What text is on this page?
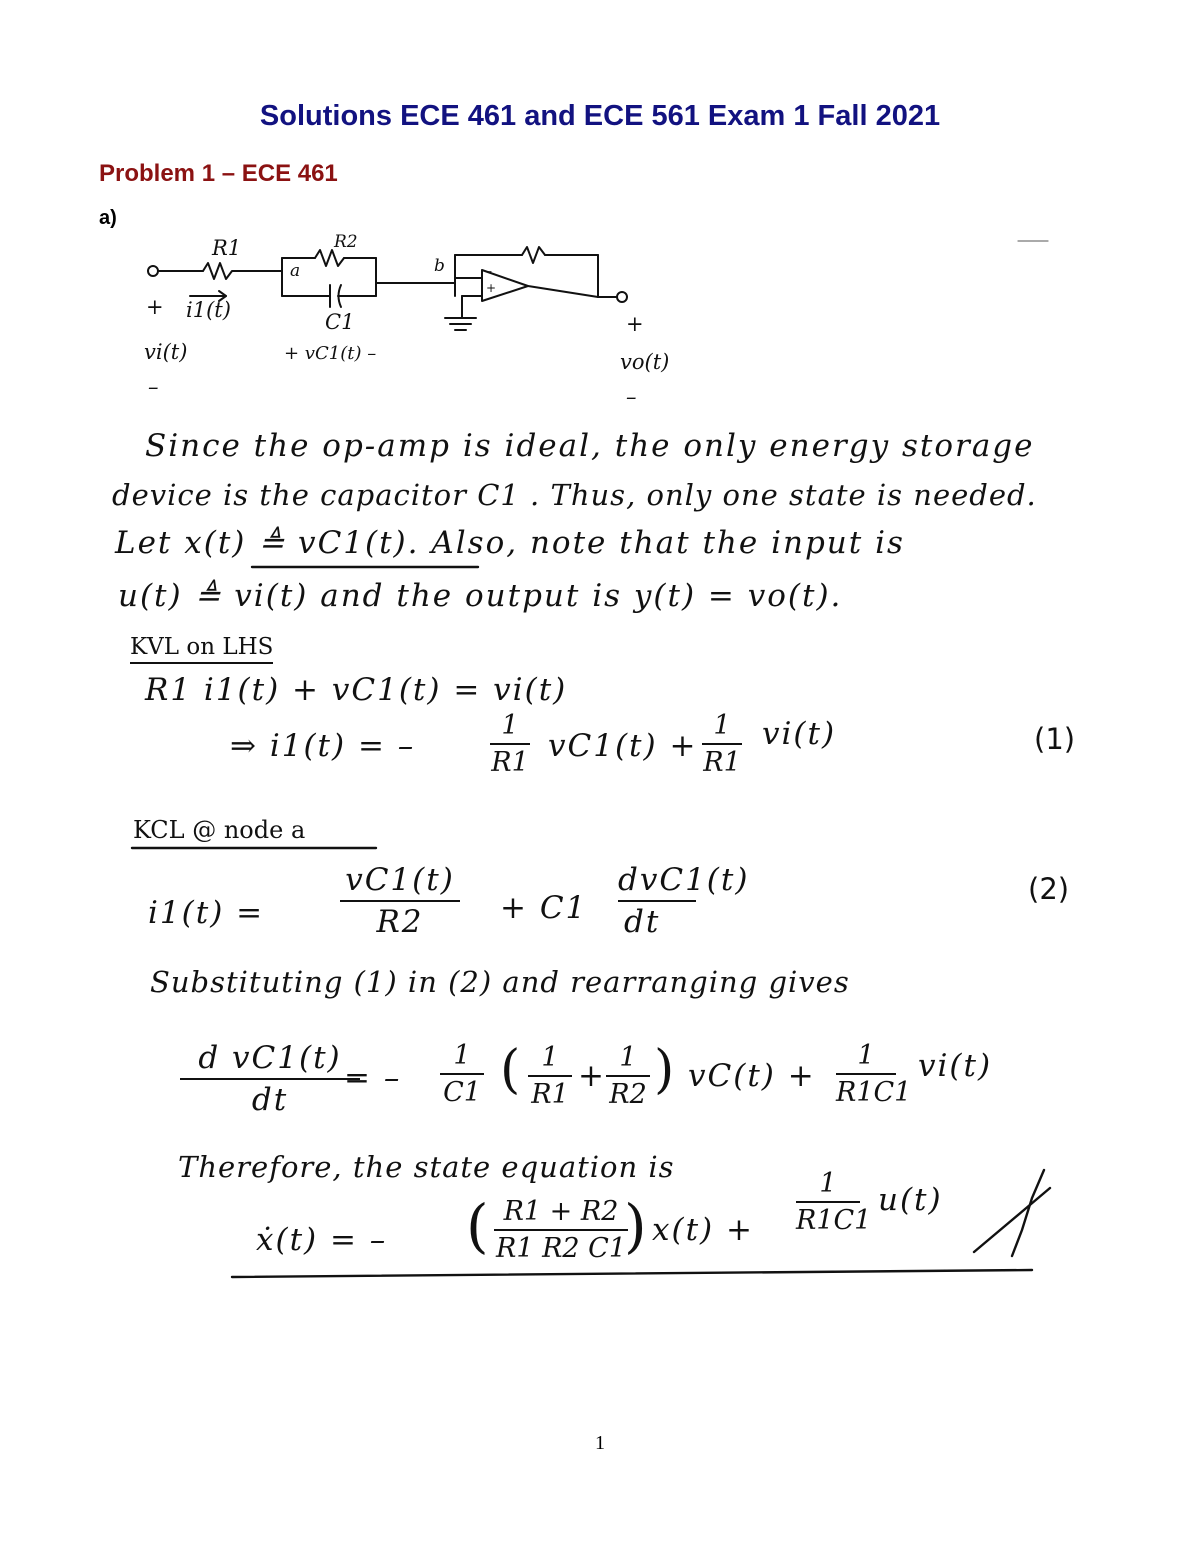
Solutions ECE 461 and ECE 561 Exam 1 Fall 2021
Problem 1 – ECE 461
a)
R1	R2
a	b
C1
+ i1(t)
vi(t)
–
+ vC1(t) –
+
vo(t)
–
–
+
Since the op-amp is ideal, the only energy storage
device is the capacitor C1 . Thus, only one state is needed.
Let x(t) ≜ vC1(t). Also, note that the input is
u(t) ≜ vi(t) and the output is y(t) = vo(t).
KVL on LHS
R1 i1(t) + vC1(t) = vi(t)
⇒ i1(t) = –
1
R1 vC1(t) +
1
R1
vi(t)	(1)
KCL @ node a
i1(t) =
vC1(t)
R2	+ C1
dvC1(t)
dt
(2)
Substituting (1) in (2) and rearranging gives
d vC1(t)
dt
= –
1
C1 ( 1
R1
+
1
R2 ) vC(t) +
1
R1C1
vi(t)
Therefore, the state equation is
ẋ(t) = – ( R1 + R2
R1 R2 C1
) x(t) +
1
R1C1
u(t)
1
